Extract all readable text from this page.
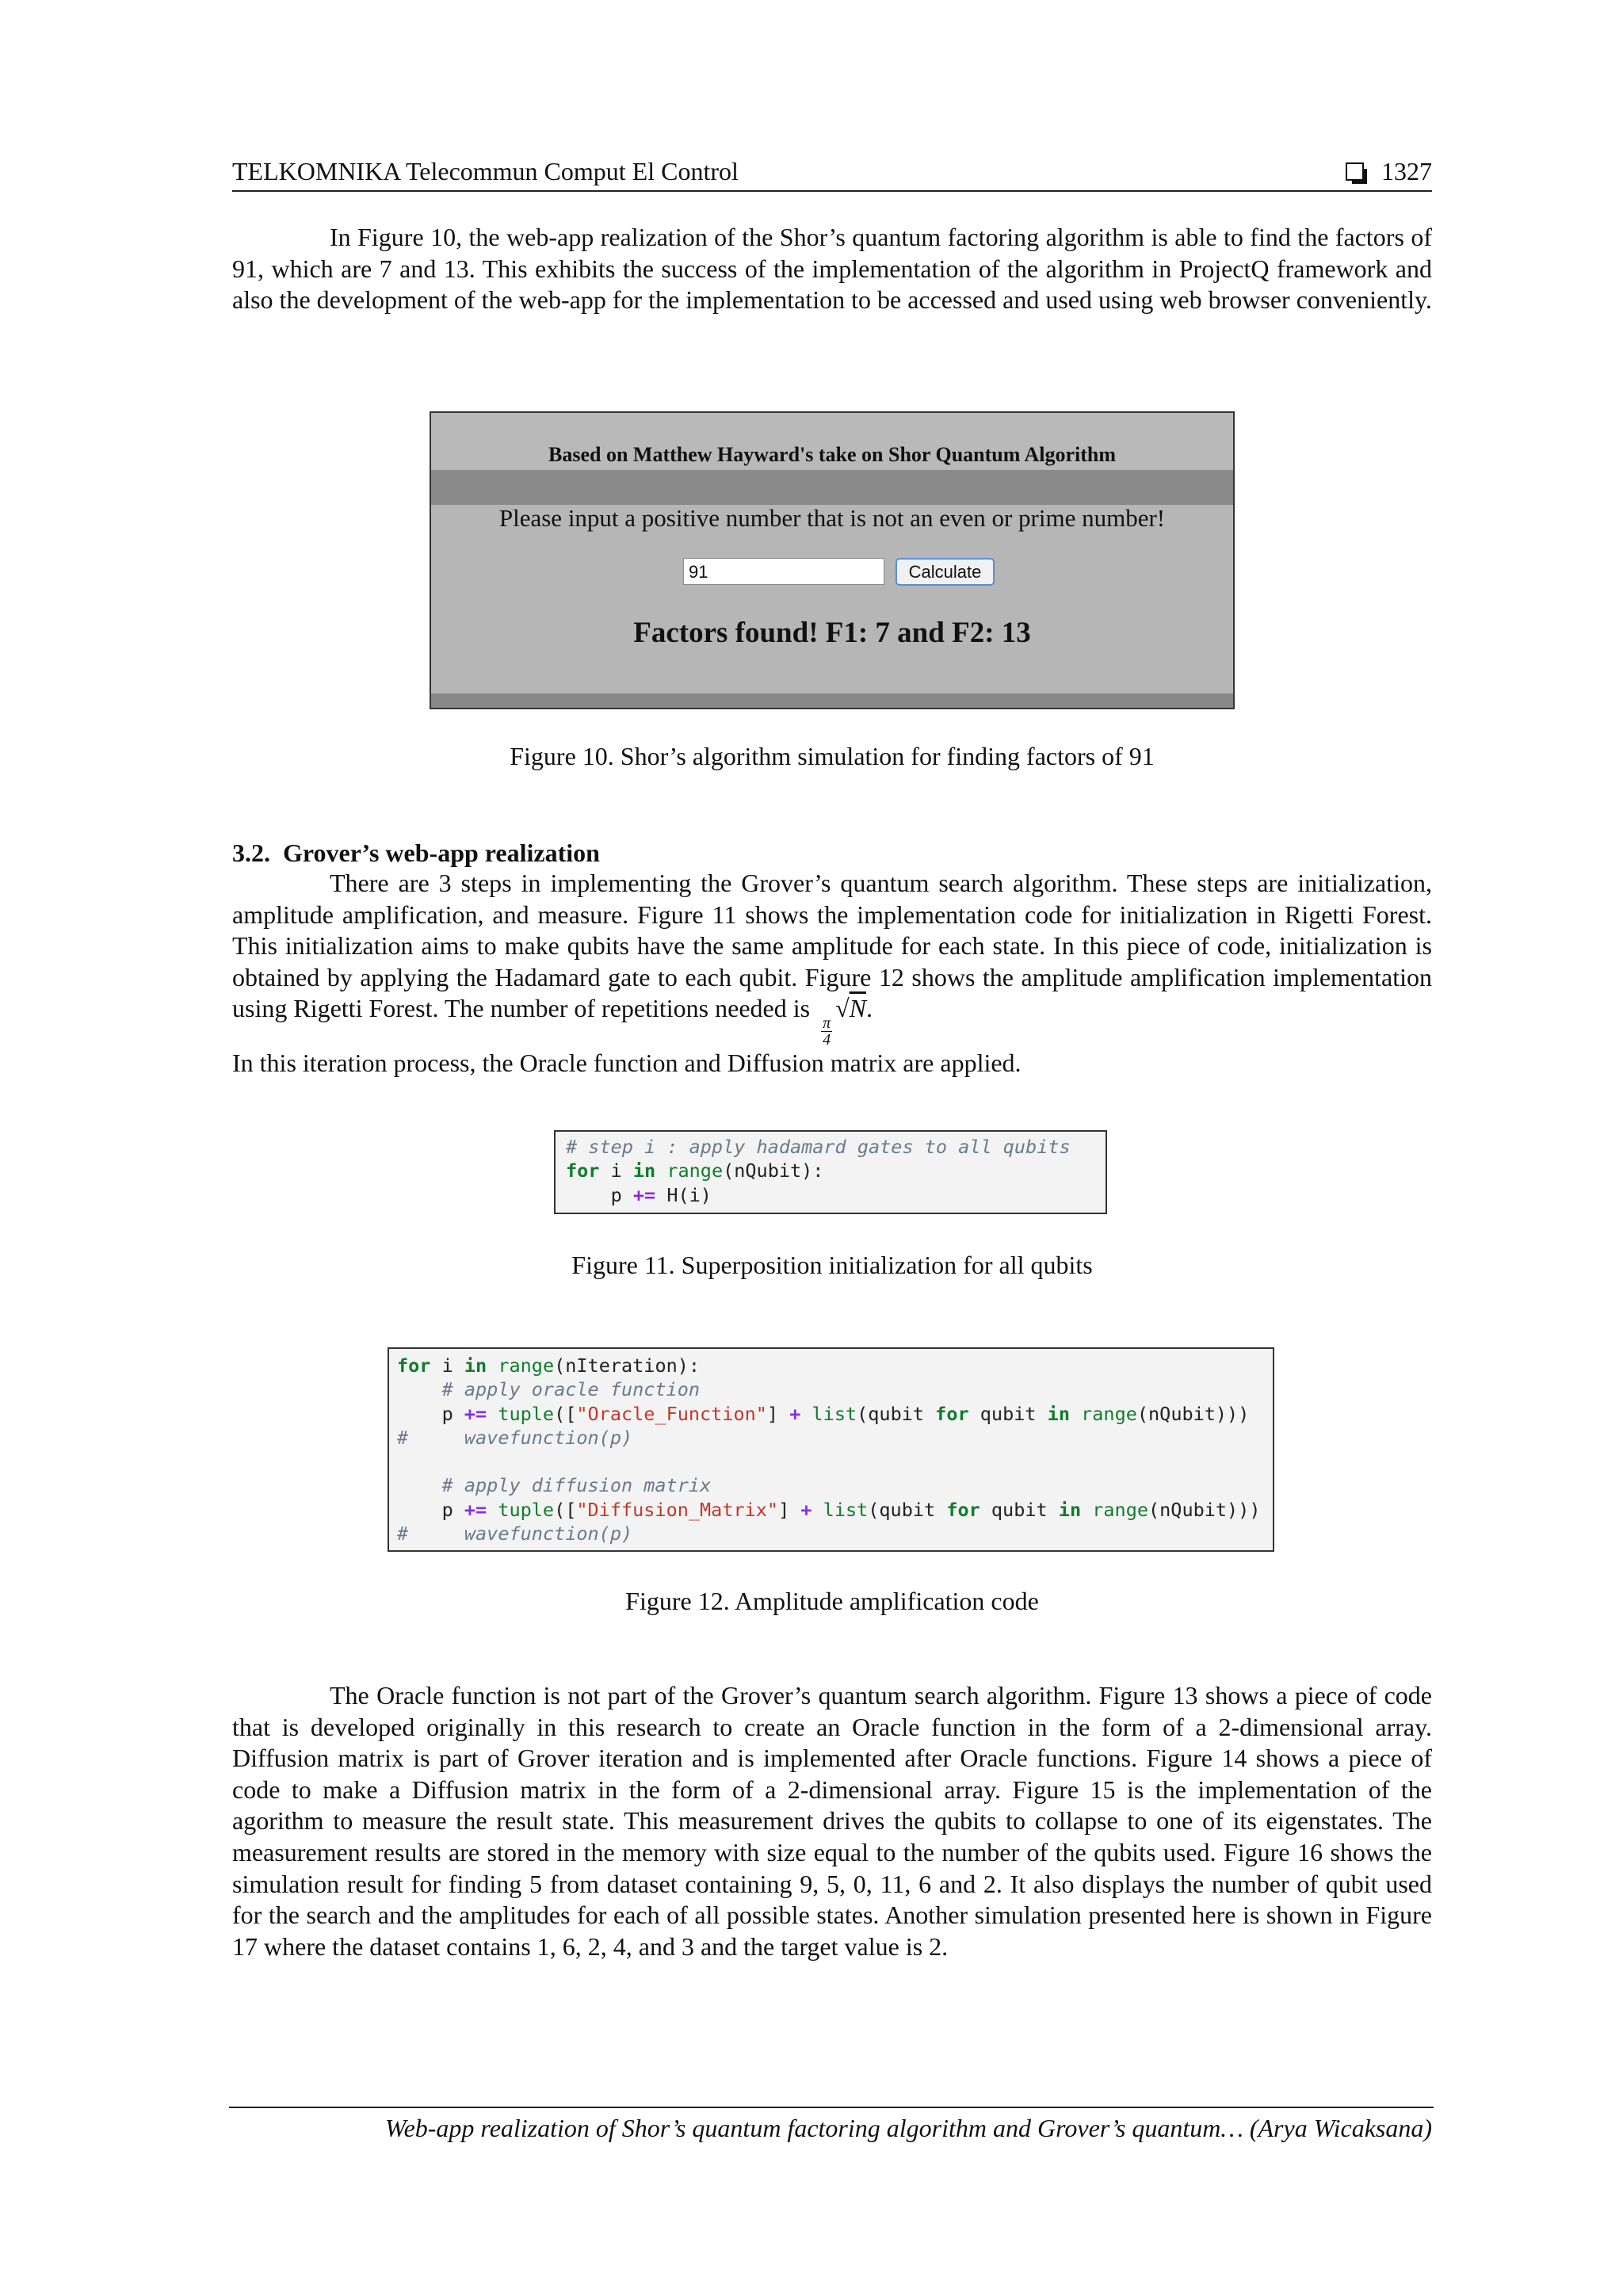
TELKOMNIKA Telecommun Comput El Control	1327
In Figure 10, the web-app realization of the Shor’s quantum factoring algorithm is able to find the factors of 91, which are 7 and 13. This exhibits the success of the implementation of the algorithm in ProjectQ framework and also the development of the web-app for the implementation to be accessed and used using web browser conveniently.
Based on Matthew Hayward's take on Shor Quantum Algorithm
Please input a positive number that is not an even or prime number!
91	Calculate
Factors found! F1: 7 and F2: 13
Figure 10. Shor’s algorithm simulation for finding factors of 91
3.2.  Grover’s web-app realization
There are 3 steps in implementing the Grover’s quantum search algorithm. These steps are initialization, amplitude amplification, and measure. Figure 11 shows the implementation code for initialization in Rigetti Forest. This initialization aims to make qubits have the same amplitude for each state. In this piece of code, initialization is obtained by applying the Hadamard gate to each qubit. Figure 12 shows the amplitude amplification implementation using Rigetti Forest. The number of repetitions needed is
$\frac{\pi}{4}$
√N.
In this iteration process, the Oracle function and Diffusion matrix are applied.
# step i : apply hadamard gates to all qubits
for i in range(nQubit):
p += H(i)
Figure 11. Superposition initialization for all qubits
for i in range(nIteration):
# apply oracle function
p += tuple(["Oracle_Function"] + list(qubit for qubit in range(nQubit)))
#     wavefunction(p)
# apply diffusion matrix
p += tuple(["Diffusion_Matrix"] + list(qubit for qubit in range(nQubit)))
#     wavefunction(p)
Figure 12. Amplitude amplification code
The Oracle function is not part of the Grover’s quantum search algorithm. Figure 13 shows a piece of code that is developed originally in this research to create an Oracle function in the form of a 2-dimensional array. Diffusion matrix is part of Grover iteration and is implemented after Oracle functions. Figure 14 shows a piece of code to make a Diffusion matrix in the form of a 2-dimensional array. Figure 15 is the implementation of the agorithm to measure the result state. This measurement drives the qubits to collapse to one of its eigenstates. The measurement results are stored in the memory with size equal to the number of the qubits used. Figure 16 shows the simulation result for finding 5 from dataset containing 9, 5, 0, 11, 6 and 2. It also displays the number of qubit used for the search and the amplitudes for each of all possible states. Another simulation presented here is shown in Figure 17 where the dataset contains 1, 6, 2, 4, and 3 and the target value is 2.
Web-app realization of Shor’s quantum factoring algorithm and Grover’s quantum… (Arya Wicaksana)
